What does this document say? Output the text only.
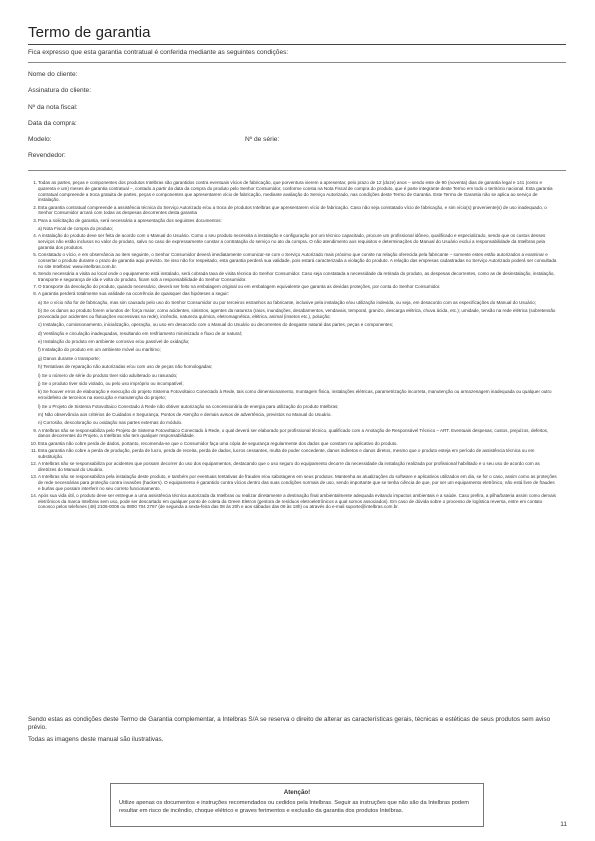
Termo de garantia
Fica expresso que esta garantia contratual é conferida mediante as seguintes condições:
Nome do cliente:
Assinatura do cliente:
Nº da nota fiscal:
Data da compra:
Modelo:	Nº de série:
Revendedor:
1. Todas as partes, peças e componentes dos produtos Intelbras são garantidos contra eventuais vícios de fabricação, que porventura vierem a apresentar, pelo prazo de 12 (doze) anos – sendo este de 90 (noventa) dias de garantia legal e 141 (cento e quarenta e um) meses de garantia contratual –, contado a partir da data da compra do produto pelo Senhor Consumidor, conforme consta na Nota Fiscal de compra do produto, que é parte integrante deste Termo em todo o território nacional. Esta garantia contratual compreende a troca gratuita de partes, peças e componentes que apresentarem vício de fabricação, mediante avaliação do Serviço Autorizado, nas condições deste Termo de Garantia. Este Termo de Garantia não se aplica ao serviço de instalação.
2. Esta garantia contratual compreende a assistência técnica do Serviço Autorizado e/ou a troca de produtos Intelbras que apresentarem vício de fabricação. Caso não seja constatado vício de fabricação, e sim vício(s) proveniente(s) de uso inadequado, o Senhor Consumidor arcará com todas as despesas decorrentes desta garantia
3. Para a solicitação de garantia, será necessária a apresentação dos seguintes documentos:
a) Nota Fiscal de compra do produto;
4. A instalação do produto deve ser feita de acordo com o Manual do Usuário. Como o seu produto necessita a instalação e configuração por um técnico capacitado, procure um profissional idôneo, qualificado e especializado, sendo que os custos desses serviços não estão inclusos no valor do produto, salvo no caso de expressamente constar a contratação do serviço no ato da compra. O não atendimento aos requisitos e determinações do Manual do Usuário exclui a responsabilidade da Intelbras pela garantia dos produtos.
5. Constatado o vício, e em observância ao item seguinte, o Senhor Consumidor deverá imediatamente comunicar-se com o Serviço Autorizado mais próximo que conste na relação oferecida pela fabricante – somente estes estão autorizados a examinar e consertar o produto durante o prazo de garantia aqui previsto. Se isso não for respeitado, esta garantia perderá sua validade, pois estará caracterizada a violação do produto. A relação das empresas cadastradas no Serviço Autorizado poderá ser consultada no site Intelbras: www.intelbras.com.br.
6. Sendo necessária a visita ao local onde o equipamento está instalado, será cobrada taxa de visita técnica do Senhor Consumidor. Caso seja constatada a necessidade da retirada do produto, as despesas decorrentes, como as de desinstalação, instalação, transporte e segurança de ida e volta do produto, ficam sob a responsabilidade do Senhor Consumidor.
7. O transporte da devolução do produto, quando necessário, deverá ser feito na embalagem original ou em embalagem equivalente que garanta as devidas proteções, por conta do Senhor Consumidor.
8. A garantia perderá totalmente sua validade na ocorrência de quaisquer das hipóteses a seguir:
a) Se o vício não for de fabricação, mas sim causado pelo uso do Senhor Consumidor ou por terceiros estranhos ao fabricante, inclusive pela instalação e/ou utilização indevida, ou seja, em desacordo com as especificações do Manual do Usuário;
b) Se os danos ao produto forem oriundos de: força maior, como acidentes, sinistros, agentes da natureza (raios, inundações, desabamentos, vendavais, temporal, granizo, descarga elétrica, chuva ácida, etc.); umidade, tensão na rede elétrica (sobretensão provocada por acidentes ou flutuações excessivas na rede), incêndio, natureza química, eletromagnética, elétrica, animal (insetos etc.), poluição;
c) Instalação, comissionamento, inicialização, operação, ou uso em desacordo com o Manual do Usuário ou decorrentes do desgaste natural das partes, peças e componentes;
d) Ventilação e circulação inadequadas, resultando em resfriamento minimizado e fluxo de ar natural;
e) Instalação do produto em ambiente corrosivo e/ou passível de oxidação;
f) Instalação do produto em um ambiente móvel ou marítimo;
g) Danos durante o transporte;
h) Tentativas de reparação não autorizadas e/ou com uso de peças não homologadas;
i) Se o número de série do produto tiver sido adulterado ou rasurado;
j) Se o produto tiver sido violado, ou pelo uso impróprio ou incompatível;
k) Se houver erros de elaboração e execução do projeto Sistema Fotovoltaico Conectado à Rede, tais como dimensionamento, montagem física, instalações elétricas, parametrização incorreta, manutenção ou armazenagem inadequada ou qualquer outro erro/defeito de terceiros na execução e manutenção do projeto;
l) Se o Projeto de Sistema Fotovoltaico Conectado à Rede não obtiver autorização na concessionária de energia para utilização do produto Intelbras;
m) Não observância aos critérios de Cuidados e Segurança, Pontos de Atenção e demais avisos de advertência, previstos no Manual do Usuário.
n) Corrosão, descoloração ou oxidação nas partes externas do módulo.
9. A Intelbras não se responsabiliza pelo Projeto de Sistema Fotovoltaico Conectado à Rede, o qual deverá ser elaborado por profissional técnico, qualificado com a Anotação de Responsável Técnico – ART. Eventuais despesas, custos, prejuízos, defeitos, danos decorrentes do Projeto, a Intelbras não tem qualquer responsabilidade.
10. Esta garantia não cobre perda de dados, portanto, recomenda-se que o Consumidor faça uma cópia de segurança regularmente dos dados que constam no aplicativo do produto.
11. Esta garantia não cobre a perda de produção, perda de lucro, perda de receita, perda de dados, lucros cessantes, multa de poder concedente, danos indiretos e danos diretos, mesmo que o produto esteja em período de assistência técnica ou em substituição.
12. A Intelbras não se responsabiliza por acidentes que possam decorrer do uso dos equipamentos, destacando que o uso seguro do equipamento decorre da necessidade da instalação realizada por profissional habilitado e o seu uso de acordo com as diretrizes do Manual do Usuário.
13. A Intelbras não se responsabiliza pela instalação deste produto, e também por eventuais tentativas de fraudes e/ou sabotagens em seus produtos. Mantenha as atualizações do software e aplicativos utilizados em dia, se for o caso, assim como as proteções de rede necessárias para proteção contra invasões (hackers). O equipamento é garantido contra vícios dentro das suas condições normais de uso, sendo importante que se tenha ciência de que, por ser um equipamento eletrônico, não está livre de fraudes e burlas que possam interferir no seu correto funcionamento.
14. Após sua vida útil, o produto deve ser entregue a uma assistência técnica autorizada da Intelbras ou realizar diretamente a destinação final ambientalmente adequada evitando impactos ambientais e a saúde. Caso prefira, a pilha/bateria assim como demais eletrônicos da marca Intelbras sem uso, pode ser descartado em qualquer ponto de coleta da Green Eletron (gestora de resíduos eletroeletrônicos a qual somos associados). Em caso de dúvida sobre o processo de logística reversa, entre em contato conosco pelos telefones (48) 2106-0006 ou 0800 704 2767 (de segunda a sexta-feira das 08 às 20h e aos sábados das 08 às 18h) ou através do e-mail suporte@intelbras.com.br.

Sendo estas as condições deste Termo de Garantia complementar, a Intelbras S/A se reserva o direito de alterar as características gerais, técnicas e estéticas de seus produtos sem aviso prévio.

Todas as imagens deste manual são ilustrativas.

Atenção!
Utilize apenas os documentos e instruções recomendados ou cedidos pela Intelbras. Seguir as instruções que não são da Intelbras podem resultar em risco de incêndio, choque elétrico e graves ferimentos e exclusão da garantia dos produtos Intelbras.
11
